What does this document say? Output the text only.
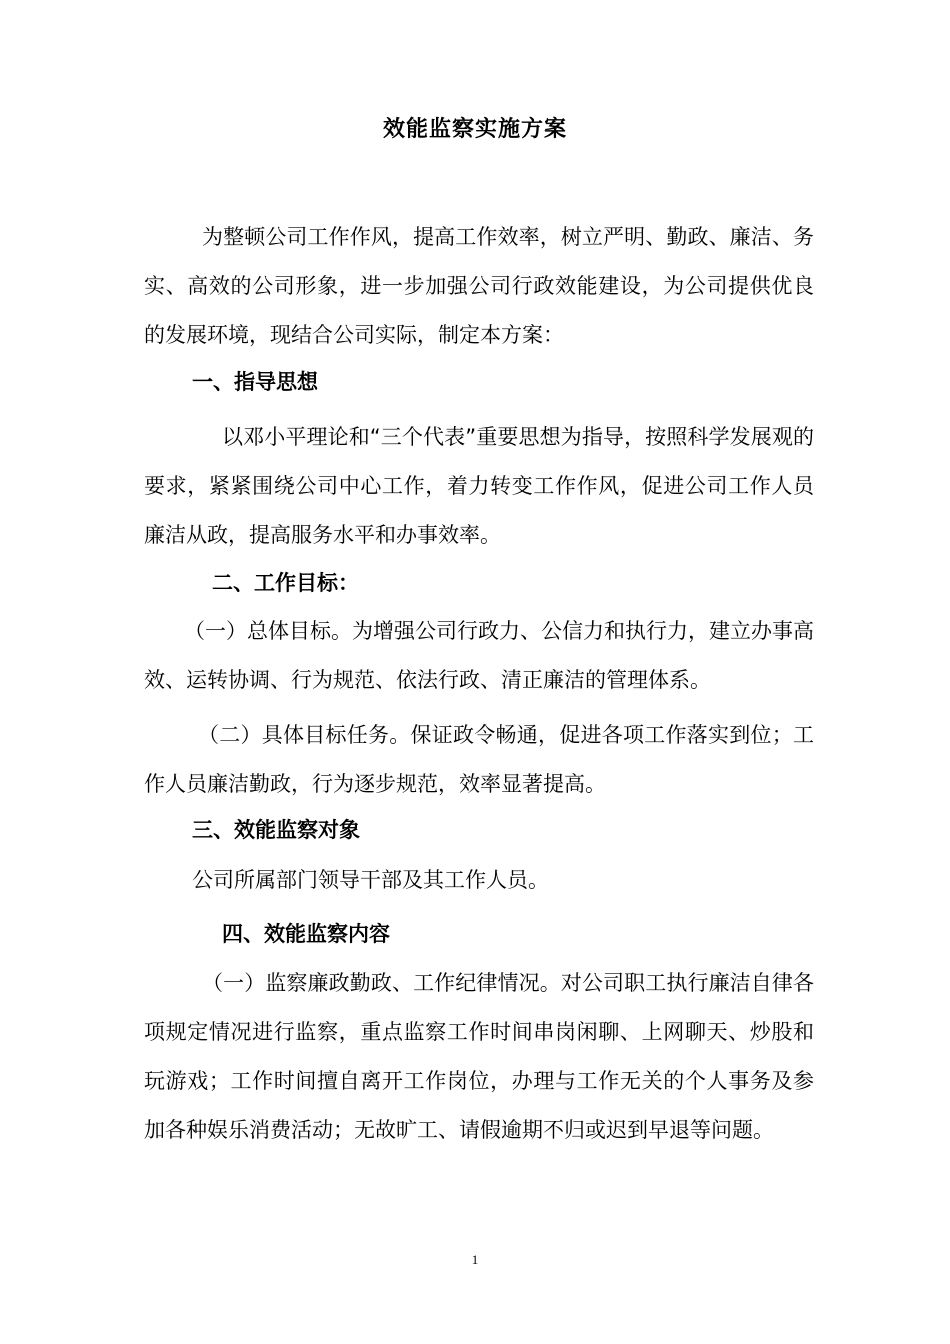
效能监察实施方案
为整顿公司工作作风，提高工作效率，树立严明、勤政、廉洁、务实、高效的公司形象，进一步加强公司行政效能建设，为公司提供优良的发展环境，现结合公司实际，制定本方案：
一、指导思想
以邓小平理论和“三个代表”重要思想为指导，按照科学发展观的要求，紧紧围绕公司中心工作，着力转变工作作风，促进公司工作人员廉洁从政，提高服务水平和办事效率。
二、工作目标：
（一）总体目标。为增强公司行政力、公信力和执行力，建立办事高效、运转协调、行为规范、依法行政、清正廉洁的管理体系。
（二）具体目标任务。保证政令畅通，促进各项工作落实到位；工作人员廉洁勤政，行为逐步规范，效率显著提高。
三、效能监察对象
公司所属部门领导干部及其工作人员。
四、效能监察内容
（一）监察廉政勤政、工作纪律情况。对公司职工执行廉洁自律各项规定情况进行监察，重点监察工作时间串岗闲聊、上网聊天、炒股和玩游戏；工作时间擅自离开工作岗位，办理与工作无关的个人事务及参加各种娱乐消费活动；无故旷工、请假逾期不归或迟到早退等问题。
1
